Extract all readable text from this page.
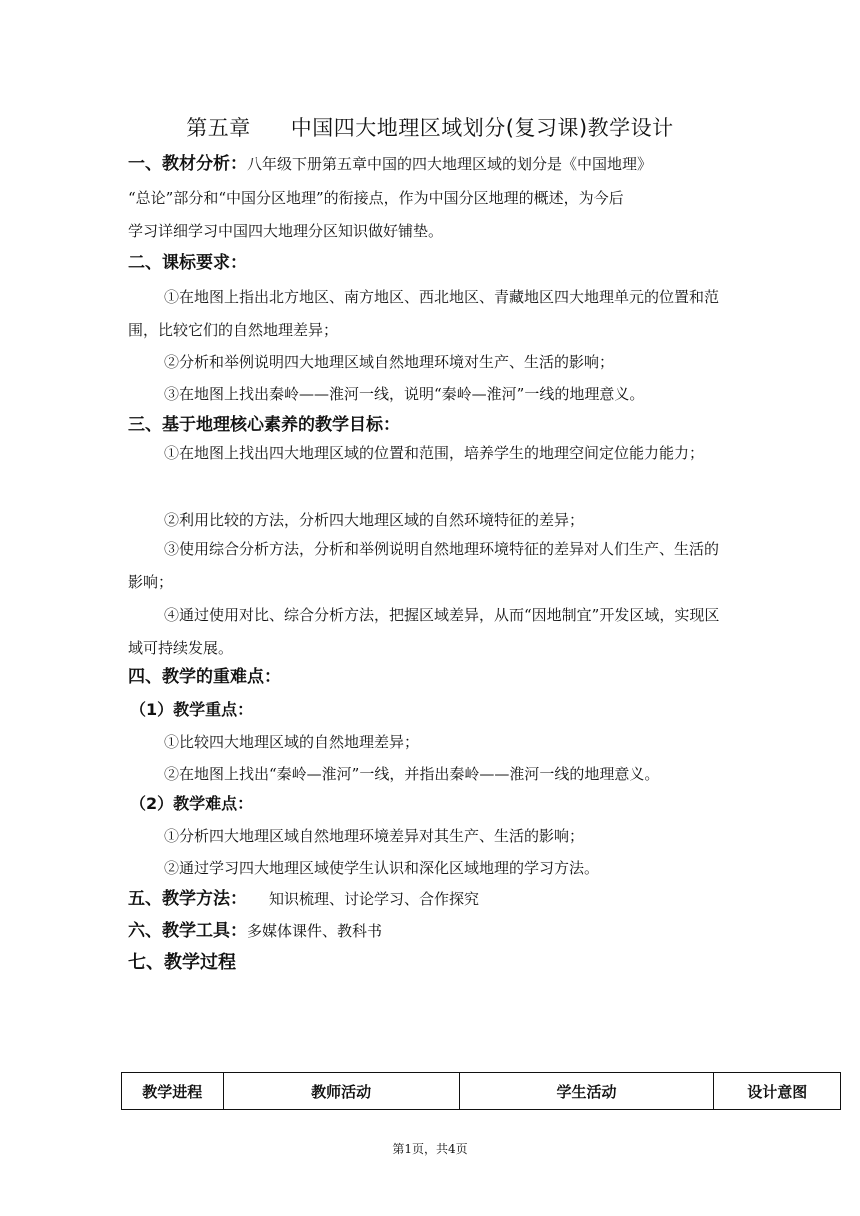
第五章 中国四大地理区域划分(复习课)教学设计
一、教材分析：八年级下册第五章中国的四大地理区域的划分是《中国地理》
“总论”部分和“中国分区地理”的衔接点，作为中国分区地理的概述，为今后
学习详细学习中国四大地理分区知识做好铺垫。
二、课标要求：
①在地图上指出北方地区、南方地区、西北地区、青藏地区四大地理单元的位置和范围，比较它们的自然地理差异；
②分析和举例说明四大地理区域自然地理环境对生产、生活的影响；
③在地图上找出秦岭——淮河一线，说明“秦岭—淮河”一线的地理意义。
三、基于地理核心素养的教学目标：
①在地图上找出四大地理区域的位置和范围，培养学生的地理空间定位能力能力；
②利用比较的方法，分析四大地理区域的自然环境特征的差异；
③使用综合分析方法，分析和举例说明自然地理环境特征的差异对人们生产、生活的影响；
④通过使用对比、综合分析方法，把握区域差异，从而“因地制宜”开发区域，实现区域可持续发展。
四、教学的重难点：
（1）教学重点：
①比较四大地理区域的自然地理差异；
②在地图上找出“秦岭—淮河”一线，并指出秦岭——淮河一线的地理意义。
（2）教学难点：
①分析四大地理区域自然地理环境差异对其生产、生活的影响；
②通过学习四大地理区域使学生认识和深化区域地理的学习方法。
五、教学方法： 知识梳理、讨论学习、合作探究
六、教学工具：多媒体课件、教科书
七、教学过程
教学进程	教师活动	学生活动	设计意图
第1页，共4页
